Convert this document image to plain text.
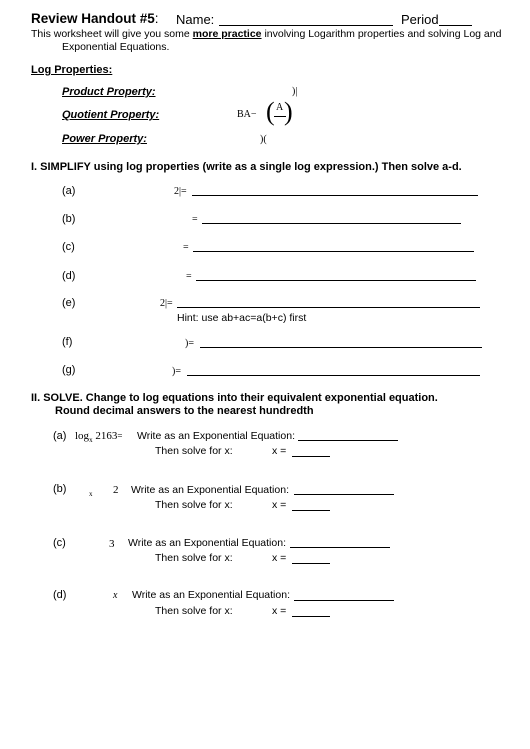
Review Handout #5: Name:	Period
This worksheet will give you some more practice involving Logarithm properties and solving Log and
Exponential Equations.
Log Properties:
Product Property:	)|
Quotient Property:	BA− ( A )
Power Property:	)(
I. SIMPLIFY using log properties (write as a single log expression.) Then solve a-d.
(a)	2|=
(b)	=
(c)	=
(d)	=
(e)	2|=
Hint: use ab+ac=a(b+c) first
(f)	)=
(g)	)=
II. SOLVE. Change to log equations into their equivalent exponential equation.
Round decimal answers to the nearest hundredth
(a) $\log_x 2163=$ Write as an Exponential Equation:
Then solve for x:	x =
(b)	x 2 Write as an Exponential Equation:
Then solve for x:	x =
(c)	3 Write as an Exponential Equation:
Then solve for x:	x =
(d)	x Write as an Exponential Equation:
Then solve for x:	x =
